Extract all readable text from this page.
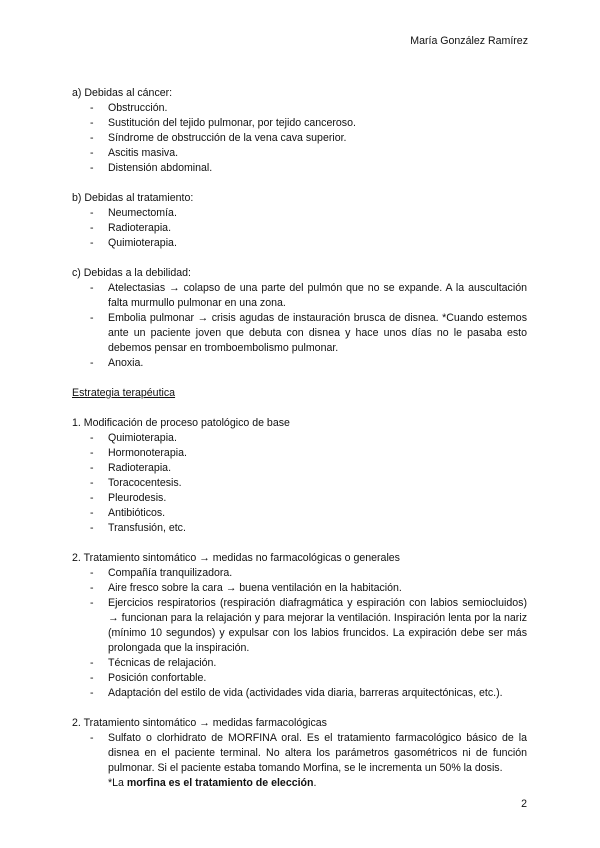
María González Ramírez
a) Debidas al cáncer:
- Obstrucción.
- Sustitución del tejido pulmonar, por tejido canceroso.
- Síndrome de obstrucción de la vena cava superior.
- Ascitis masiva.
- Distensión abdominal.
b) Debidas al tratamiento:
- Neumectomía.
- Radioterapia.
- Quimioterapia.
c) Debidas a la debilidad:
- Atelectasias → colapso de una parte del pulmón que no se expande. A la auscultación falta murmullo pulmonar en una zona.
- Embolia pulmonar → crisis agudas de instauración brusca de disnea. *Cuando estemos ante un paciente joven que debuta con disnea y hace unos días no le pasaba esto debemos pensar en tromboembolismo pulmonar.
- Anoxia.
Estrategia terapéutica
1. Modificación de proceso patológico de base
- Quimioterapia.
- Hormonoterapia.
- Radioterapia.
- Toracocentesis.
- Pleurodesis.
- Antibióticos.
- Transfusión, etc.
2. Tratamiento sintomático → medidas no farmacológicas o generales
- Compañía tranquilizadora.
- Aire fresco sobre la cara → buena ventilación en la habitación.
- Ejercicios respiratorios (respiración diafragmática y espiración con labios semiocluidos) → funcionan para la relajación y para mejorar la ventilación. Inspiración lenta por la nariz (mínimo 10 segundos) y expulsar con los labios fruncidos. La expiración debe ser más prolongada que la inspiración.
- Técnicas de relajación.
- Posición confortable.
- Adaptación del estilo de vida (actividades vida diaria, barreras arquitectónicas, etc.).
2. Tratamiento sintomático → medidas farmacológicas
- Sulfato o clorhidrato de MORFINA oral. Es el tratamiento farmacológico básico de la disnea en el paciente terminal. No altera los parámetros gasométricos ni de función pulmonar. Si el paciente estaba tomando Morfina, se le incrementa un 50% la dosis.
*La morfina es el tratamiento de elección.
2
